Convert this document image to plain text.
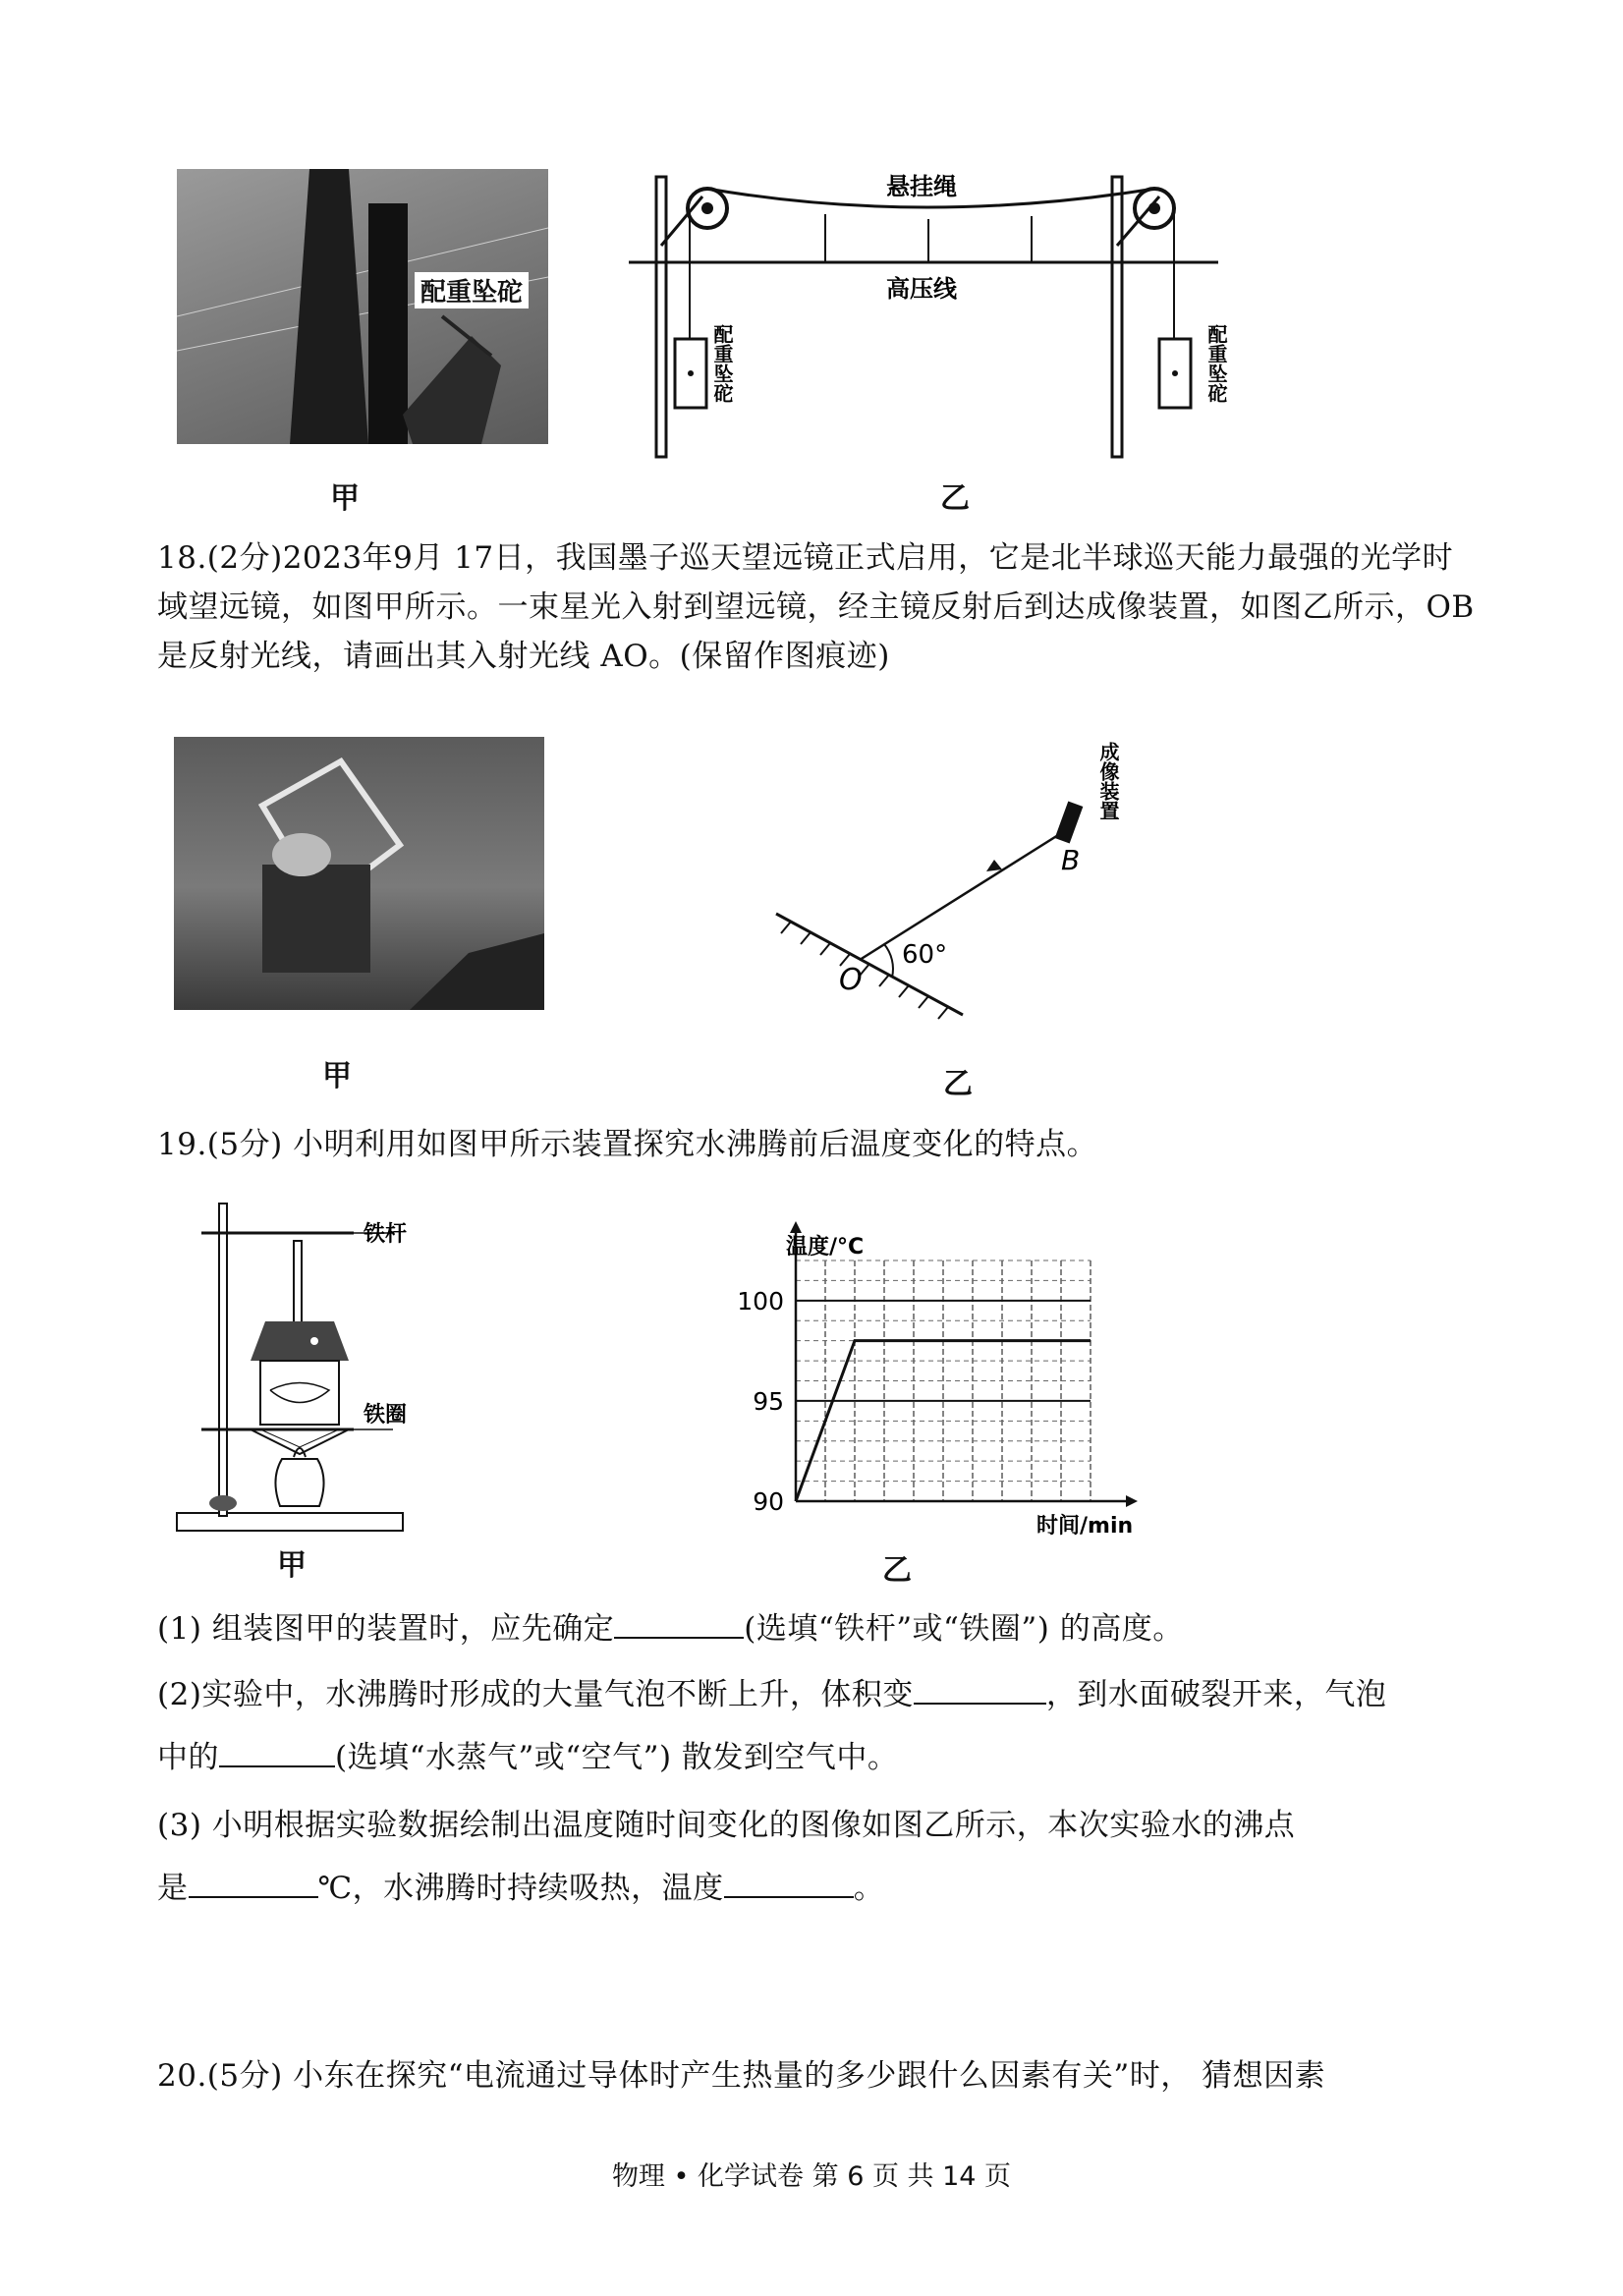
配重坠砣
甲
悬挂绳
高压线
配重坠砣	配重坠砣
乙
18.(2分)2023年9月 17日，我国墨子巡天望远镜正式启用，它是北半球巡天能力最强的光学时域望远镜，如图甲所示。一束星光入射到望远镜，经主镜反射后到达成像装置，如图乙所示，OB是反射光线，请画出其入射光线 AO。(保留作图痕迹)
甲
60°
O
B
成像装置
乙
19.(5分) 小明利用如图甲所示装置探究水沸腾前后温度变化的特点。
铁杆
铁圈
甲
90
95
100
温度/°C
时间/min
乙
(1) 组装图甲的装置时，应先确定	(选填“铁杆”或“铁圈”) 的高度。
(2)实验中，水沸腾时形成的大量气泡不断上升，体积变	，到水面破裂开来，气泡
中的	(选填“水蒸气”或“空气”) 散发到空气中。
(3) 小明根据实验数据绘制出温度随时间变化的图像如图乙所示，本次实验水的沸点
是	℃，水沸腾时持续吸热，温度	。
20.(5分) 小东在探究“电流通过导体时产生热量的多少跟什么因素有关”时， 猜想因素
物理 • 化学试卷 第 6 页 共 14 页
